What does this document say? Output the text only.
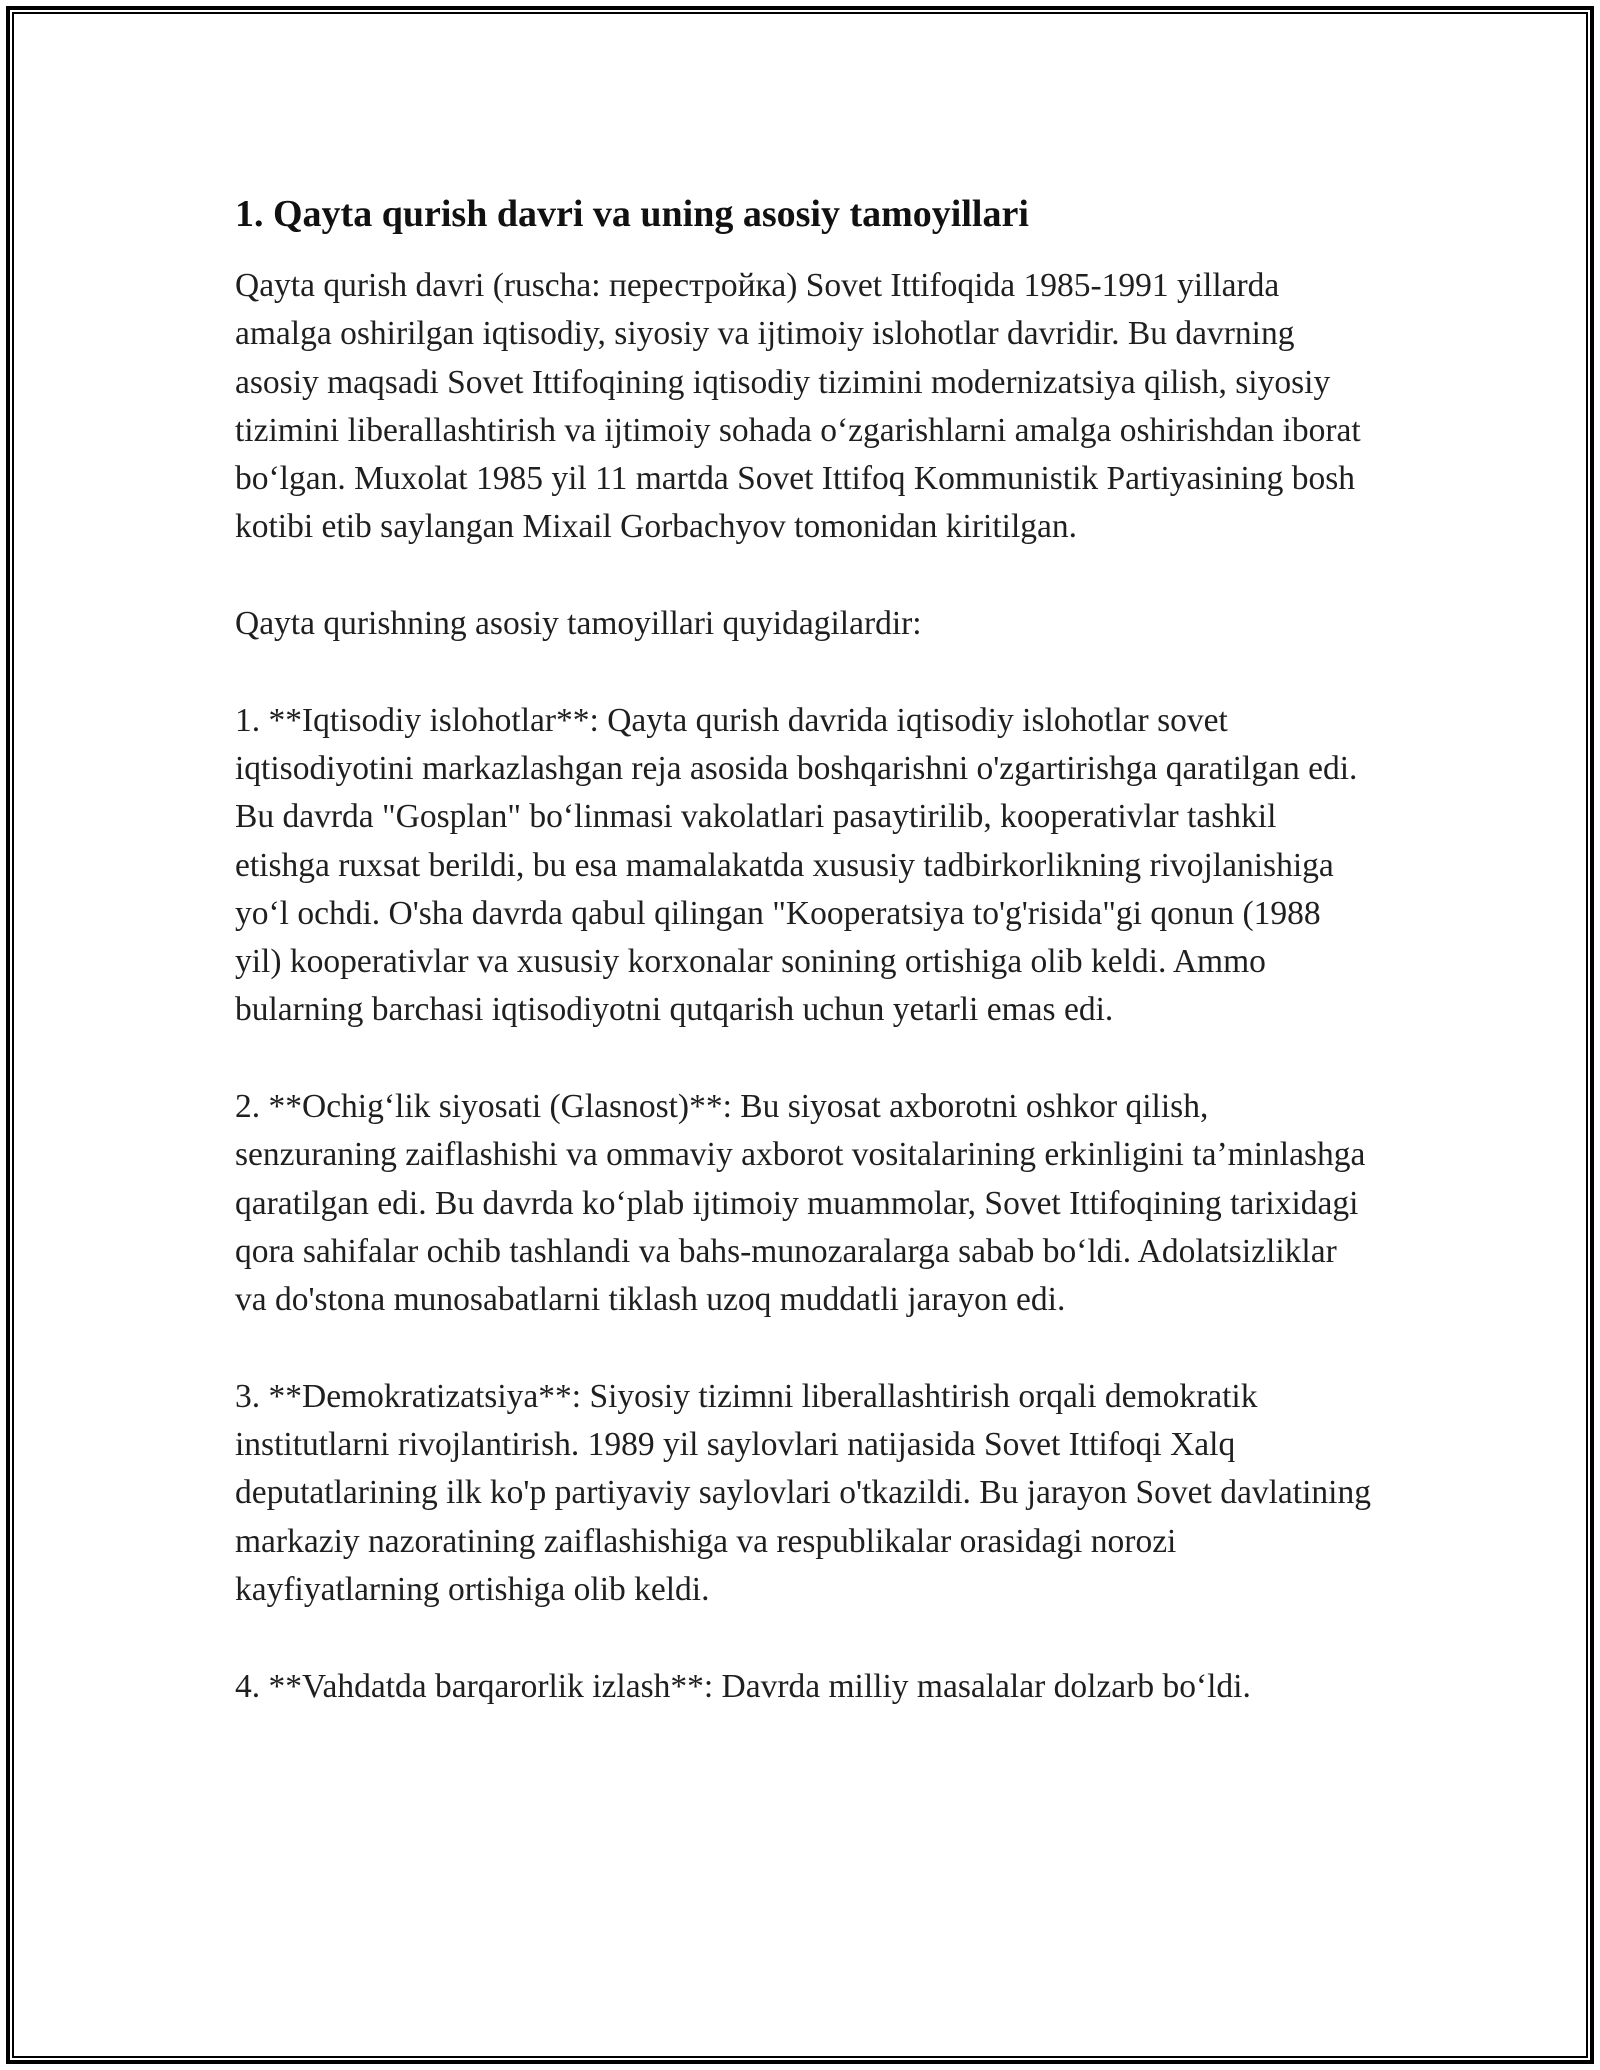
1. Qayta qurish davri va uning asosiy tamoyillari

Qayta qurish davri (ruscha: перестройка) Sovet Ittifoqida 1985-1991 yillarda amalga oshirilgan iqtisodiy, siyosiy va ijtimoiy islohotlar davridir. Bu davrning asosiy maqsadi Sovet Ittifoqining iqtisodiy tizimini modernizatsiya qilish, siyosiy tizimini liberallashtirish va ijtimoiy sohada o‘zgarishlarni amalga oshirishdan iborat bo‘lgan. Muxolat 1985 yil 11 martda Sovet Ittifoq Kommunistik Partiyasining bosh kotibi etib saylangan Mixail Gorbachyov tomonidan kiritilgan.

Qayta qurishning asosiy tamoyillari quyidagilardir:

1. **Iqtisodiy islohotlar**: Qayta qurish davrida iqtisodiy islohotlar sovet iqtisodiyotini markazlashgan reja asosida boshqarishni o'zgartirishga qaratilgan edi. Bu davrda "Gosplan" bo‘linmasi vakolatlari pasaytirilib, kooperativlar tashkil etishga ruxsat berildi, bu esa mamalakatda xususiy tadbirkorlikning rivojlanishiga yo‘l ochdi. O'sha davrda qabul qilingan "Kooperatsiya to'g'risida"gi qonun (1988 yil) kooperativlar va xususiy korxonalar sonining ortishiga olib keldi. Ammo bularning barchasi iqtisodiyotni qutqarish uchun yetarli emas edi.

2. **Ochig‘lik siyosati (Glasnost)**: Bu siyosat axborotni oshkor qilish, senzuraning zaiflashishi va ommaviy axborot vositalarining erkinligini ta’minlashga qaratilgan edi. Bu davrda ko‘plab ijtimoiy muammolar, Sovet Ittifoqining tarixidagi qora sahifalar ochib tashlandi va bahs-munozaralarga sabab bo‘ldi. Adolatsizliklar va do'stona munosabatlarni tiklash uzoq muddatli jarayon edi.

3. **Demokratizatsiya**: Siyosiy tizimni liberallashtirish orqali demokratik institutlarni rivojlantirish. 1989 yil saylovlari natijasida Sovet Ittifoqi Xalq deputatlarining ilk ko'p partiyaviy saylovlari o'tkazildi. Bu jarayon Sovet davlatining markaziy nazoratining zaiflashishiga va respublikalar orasidagi norozi kayfiyatlarning ortishiga olib keldi.

4. **Vahdatda barqarorlik izlash**: Davrda milliy masalalar dolzarb bo‘ldi.
